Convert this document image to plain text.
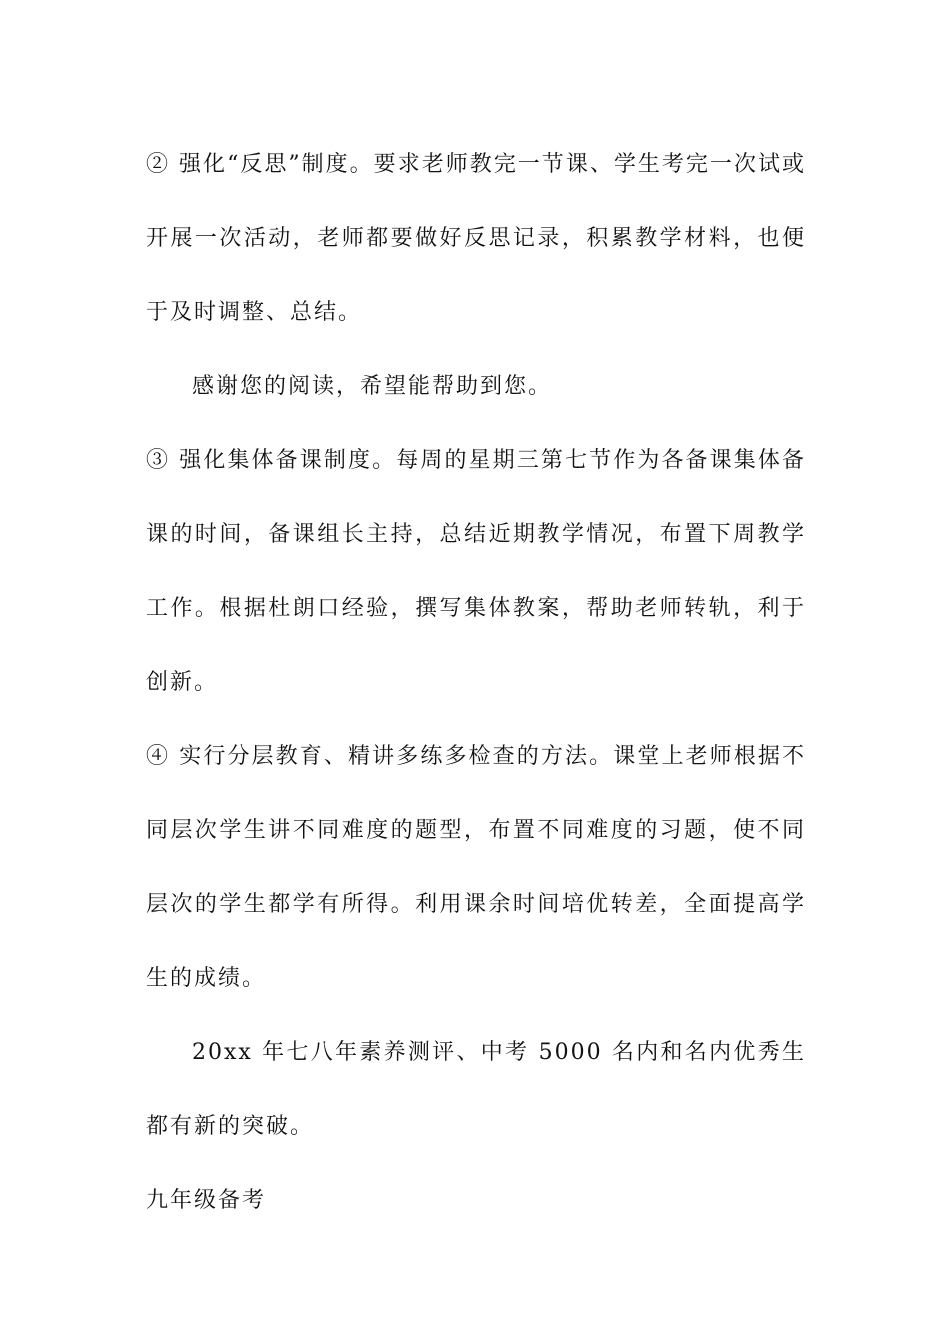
② 强化“反思”制度。要求老师教完一节课、学生考完一次试或开展一次活动，老师都要做好反思记录，积累教学材料，也便于及时调整、总结。

感谢您的阅读，希望能帮助到您。

③ 强化集体备课制度。每周的星期三第七节作为各备课集体备课的时间，备课组长主持，总结近期教学情况，布置下周教学工作。根据杜朗口经验，撰写集体教案，帮助老师转轨，利于创新。

④ 实行分层教育、精讲多练多检查的方法。课堂上老师根据不同层次学生讲不同难度的题型，布置不同难度的习题，使不同层次的学生都学有所得。利用课余时间培优转差，全面提高学生的成绩。

20xx 年七八年素养测评、中考 5000 名内和名内优秀生都有新的突破。

九年级备考
